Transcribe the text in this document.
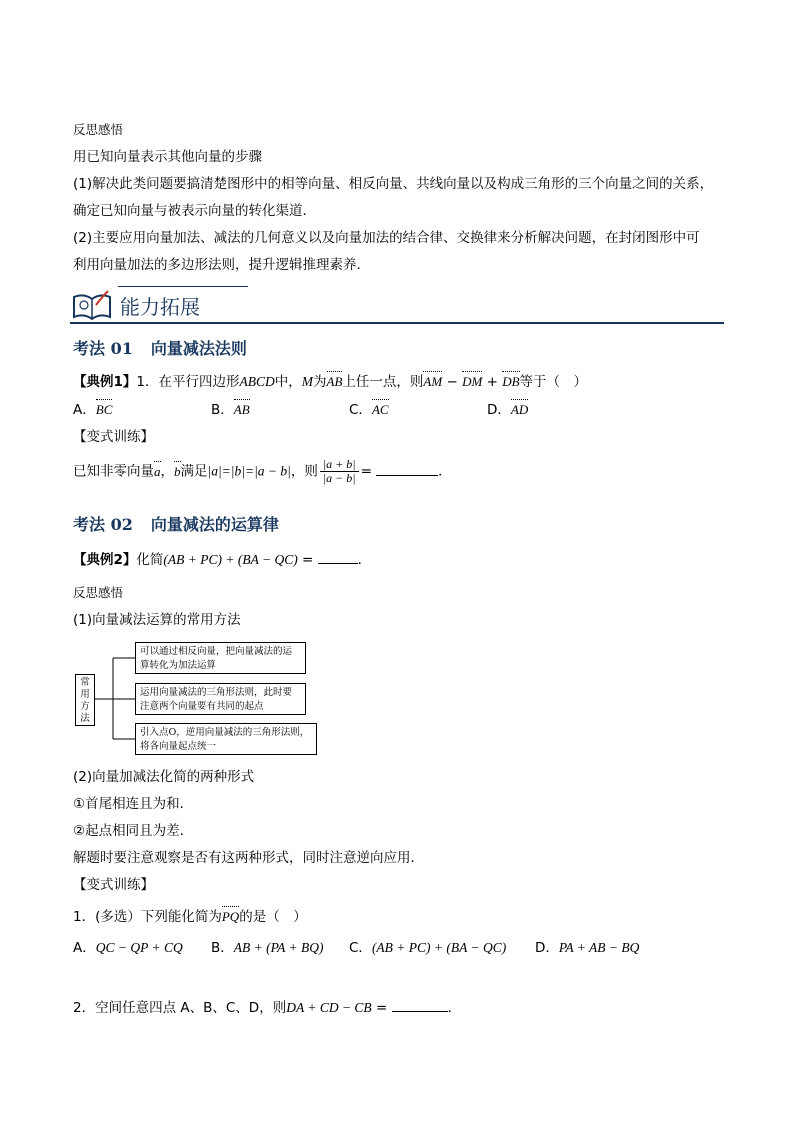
反思感悟
用已知向量表示其他向量的步骤
(1)解决此类问题要搞清楚图形中的相等向量、相反向量、共线向量以及构成三角形的三个向量之间的关系，
确定已知向量与被表示向量的转化渠道．
(2)主要应用向量加法、减法的几何意义以及向量加法的结合律、交换律来分析解决问题，在封闭图形中可
利用向量加法的多边形法则，提升逻辑推理素养．
能力拓展
考法 01 向量减法法则
【典例1】1．在平行四边形ABCD中，M为AB上任一点，则AM − DM + DB等于（　）
A．BC	B．AB	C．AC	D．AD
【变式训练】
已知非零向量a，b满足|a|=|b|=|a − b|，则 $\frac{|a + b|}{|a - b|}$ =	．
考法 02 向量减法的运算律
【典例2】化简(AB + PC) + (BA − QC) =	．
反思感悟
(1)向量减法运算的常用方法
常用方法
可以通过相反向量，把向量减法的运算转化为加法运算
运用向量减法的三角形法则，此时要注意两个向量要有共同的起点
引入点O，逆用向量减法的三角形法则，将各向量起点统一
(2)向量加减法化简的两种形式
①首尾相连且为和．
②起点相同且为差．
解题时要注意观察是否有这两种形式，同时注意逆向应用．
【变式训练】
1．(多选）下列能化简为PQ的是（　）
A．QC − QP + CQ B．AB + (PA + BQ) C．(AB + PC) + (BA − QC) D．PA + AB − BQ
2．空间任意四点 A、B、C、D，则DA + CD − CB =	．
